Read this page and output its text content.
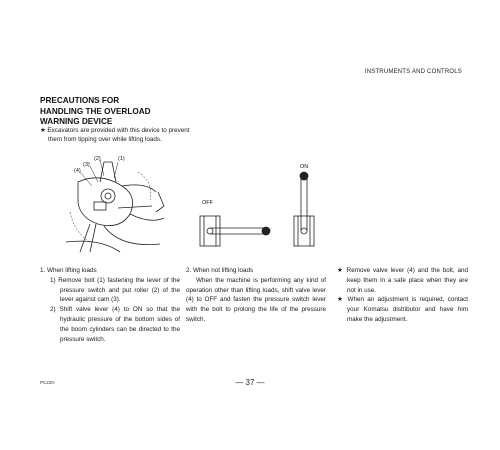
INSTRUMENTS AND CONTROLS
PRECAUTIONS FOR
HANDLING THE OVERLOAD
WARNING DEVICE
★ Excavators are provided with this device to prevent them from tipping over while lifting loads.
(4)
(3)
(2)	(1)
OFF
ON

1. When lifting loads

1) Remove bolt (1) fastening the lever of the pressure switch and put roller (2) of the lever against cam (3).

2) Shift valve lever (4) to ON so that the hydraulic pressure of the bottom sides of the boom cylinders can be directed to the pressure switch.

2. When not lifting loads

When the machine is performing any kind of operation other than lifting loads, shift valve lever (4) to OFF and fasten the pressure switch lever with the bolt to prolong the life of the pressure switch.

★ Remove valve lever (4) and the bolt, and keep them in a safe place when they are not in use.

★ When an adjustment is required, contact your Komatsu distributor and have him make the adjustment.

PC220-	— 37 —
